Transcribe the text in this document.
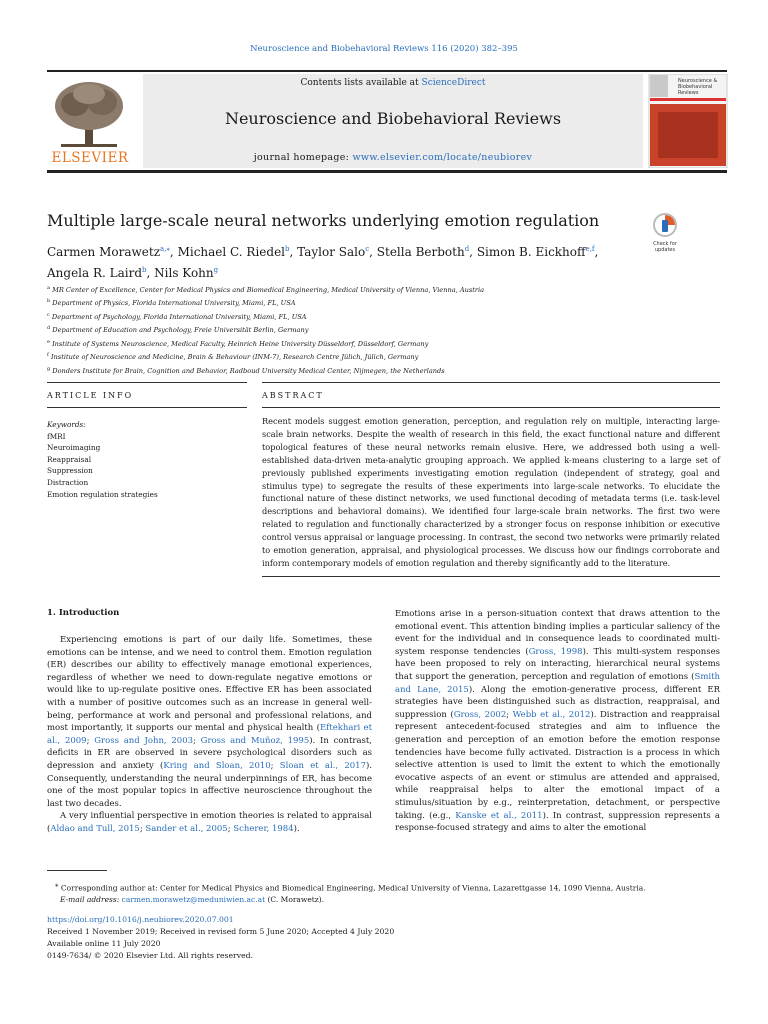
Neuroscience and Biobehavioral Reviews 116 (2020) 382–395
ELSEVIER
Contents lists available at ScienceDirect
Neuroscience and Biobehavioral Reviews
journal homepage: www.elsevier.com/locate/neubiorev
Neuroscience & Biobehavioral Reviews
Multiple large-scale neural networks underlying emotion regulation
Check for updates
Carmen Morawetz$^{a,⁎}$, Michael C. Riedel$^b$, Taylor Salo$^c$, Stella Berboth$^d$, Simon B. Eickhoff$^{e,f}$, Angela R. Laird$^b$, Nils Kohn$^g$
$^a$ MR Center of Excellence, Center for Medical Physics and Biomedical Engineering, Medical University of Vienna, Vienna, Austria
$^b$ Department of Physics, Florida International University, Miami, FL, USA
$^c$ Department of Psychology, Florida International University, Miami, FL, USA
$^d$ Department of Education and Psychology, Freie Universität Berlin, Germany
$^e$ Institute of Systems Neuroscience, Medical Faculty, Heinrich Heine University Düsseldorf, Düsseldorf, Germany
$^f$ Institute of Neuroscience and Medicine, Brain & Behaviour (INM-7), Research Centre Jülich, Jülich, Germany
$^g$ Donders Institute for Brain, Cognition and Behavior, Radboud University Medical Center, Nijmegen, the Netherlands
ARTICLE INFO	ABSTRACT
Keywords:
fMRI
Neuroimaging
Reappraisal
Suppression
Distraction
Emotion regulation strategies
Recent models suggest emotion generation, perception, and regulation rely on multiple, interacting large-scale brain networks. Despite the wealth of research in this field, the exact functional nature and different topological features of these neural networks remain elusive. Here, we addressed both using a well-established data-driven meta-analytic grouping approach. We applied k-means clustering to a large set of previously published experiments investigating emotion regulation (independent of strategy, goal and stimulus type) to segregate the results of these experiments into large-scale networks. To elucidate the functional nature of these distinct networks, we used functional decoding of metadata terms (i.e. task-level descriptions and behavioral domains). We identified four large-scale brain networks. The first two were related to regulation and functionally characterized by a stronger focus on response inhibition or executive control versus appraisal or language processing. In contrast, the second two networks were primarily related to emotion generation, appraisal, and physiological processes. We discuss how our findings corroborate and inform contemporary models of emotion regulation and thereby significantly add to the literature.
1. Introduction

Experiencing emotions is part of our daily life. Sometimes, these emotions can be intense, and we need to control them. Emotion regulation (ER) describes our ability to effectively manage emotional experiences, regardless of whether we need to down-regulate negative emotions or would like to up-regulate positive ones. Effective ER has been associated with a number of positive outcomes such as an increase in general well-being, performance at work and personal and professional relations, and most importantly, it supports our mental and physical health (Eftekhari et al., 2009; Gross and John, 2003; Gross and Muñoz, 1995). In contrast, deficits in ER are observed in severe psychological disorders such as depression and anxiety (Kring and Sloan, 2010; Sloan et al., 2017). Consequently, understanding the neural underpinnings of ER, has become one of the most popular topics in affective neuroscience throughout the last two decades.

A very influential perspective in emotion theories is related to appraisal (Aldao and Tull, 2015; Sander et al., 2005; Scherer, 1984).

Emotions arise in a person-situation context that draws attention to the emotional event. This attention binding implies a particular saliency of the event for the individual and in consequence leads to coordinated multi-system response tendencies (Gross, 1998). This multi-system responses have been proposed to rely on interacting, hierarchical neural systems that support the generation, perception and regulation of emotions (Smith and Lane, 2015). Along the emotion-generative process, different ER strategies have been distinguished such as distraction, reappraisal, and suppression (Gross, 2002; Webb et al., 2012). Distraction and reappraisal represent antecedent-focused strategies and aim to influence the generation and perception of an emotion before the emotion response tendencies have become fully activated. Distraction is a process in which selective attention is used to limit the extent to which the emotionally evocative aspects of an event or stimulus are attended and appraised, while reappraisal helps to alter the emotional impact of a stimulus/situation by e.g., reinterpretation, detachment, or perspective taking. (e.g., Kanske et al., 2011). In contrast, suppression represents a response-focused strategy and aims to alter the emotional

⁎ Corresponding author at: Center for Medical Physics and Biomedical Engineering, Medical University of Vienna, Lazarettgasse 14, 1090 Vienna, Austria.
E-mail address: carmen.morawetz@meduniwien.ac.at (C. Morawetz).
https://doi.org/10.1016/j.neubiorev.2020.07.001
Received 1 November 2019; Received in revised form 5 June 2020; Accepted 4 July 2020
Available online 11 July 2020
0149-7634/ © 2020 Elsevier Ltd. All rights reserved.
